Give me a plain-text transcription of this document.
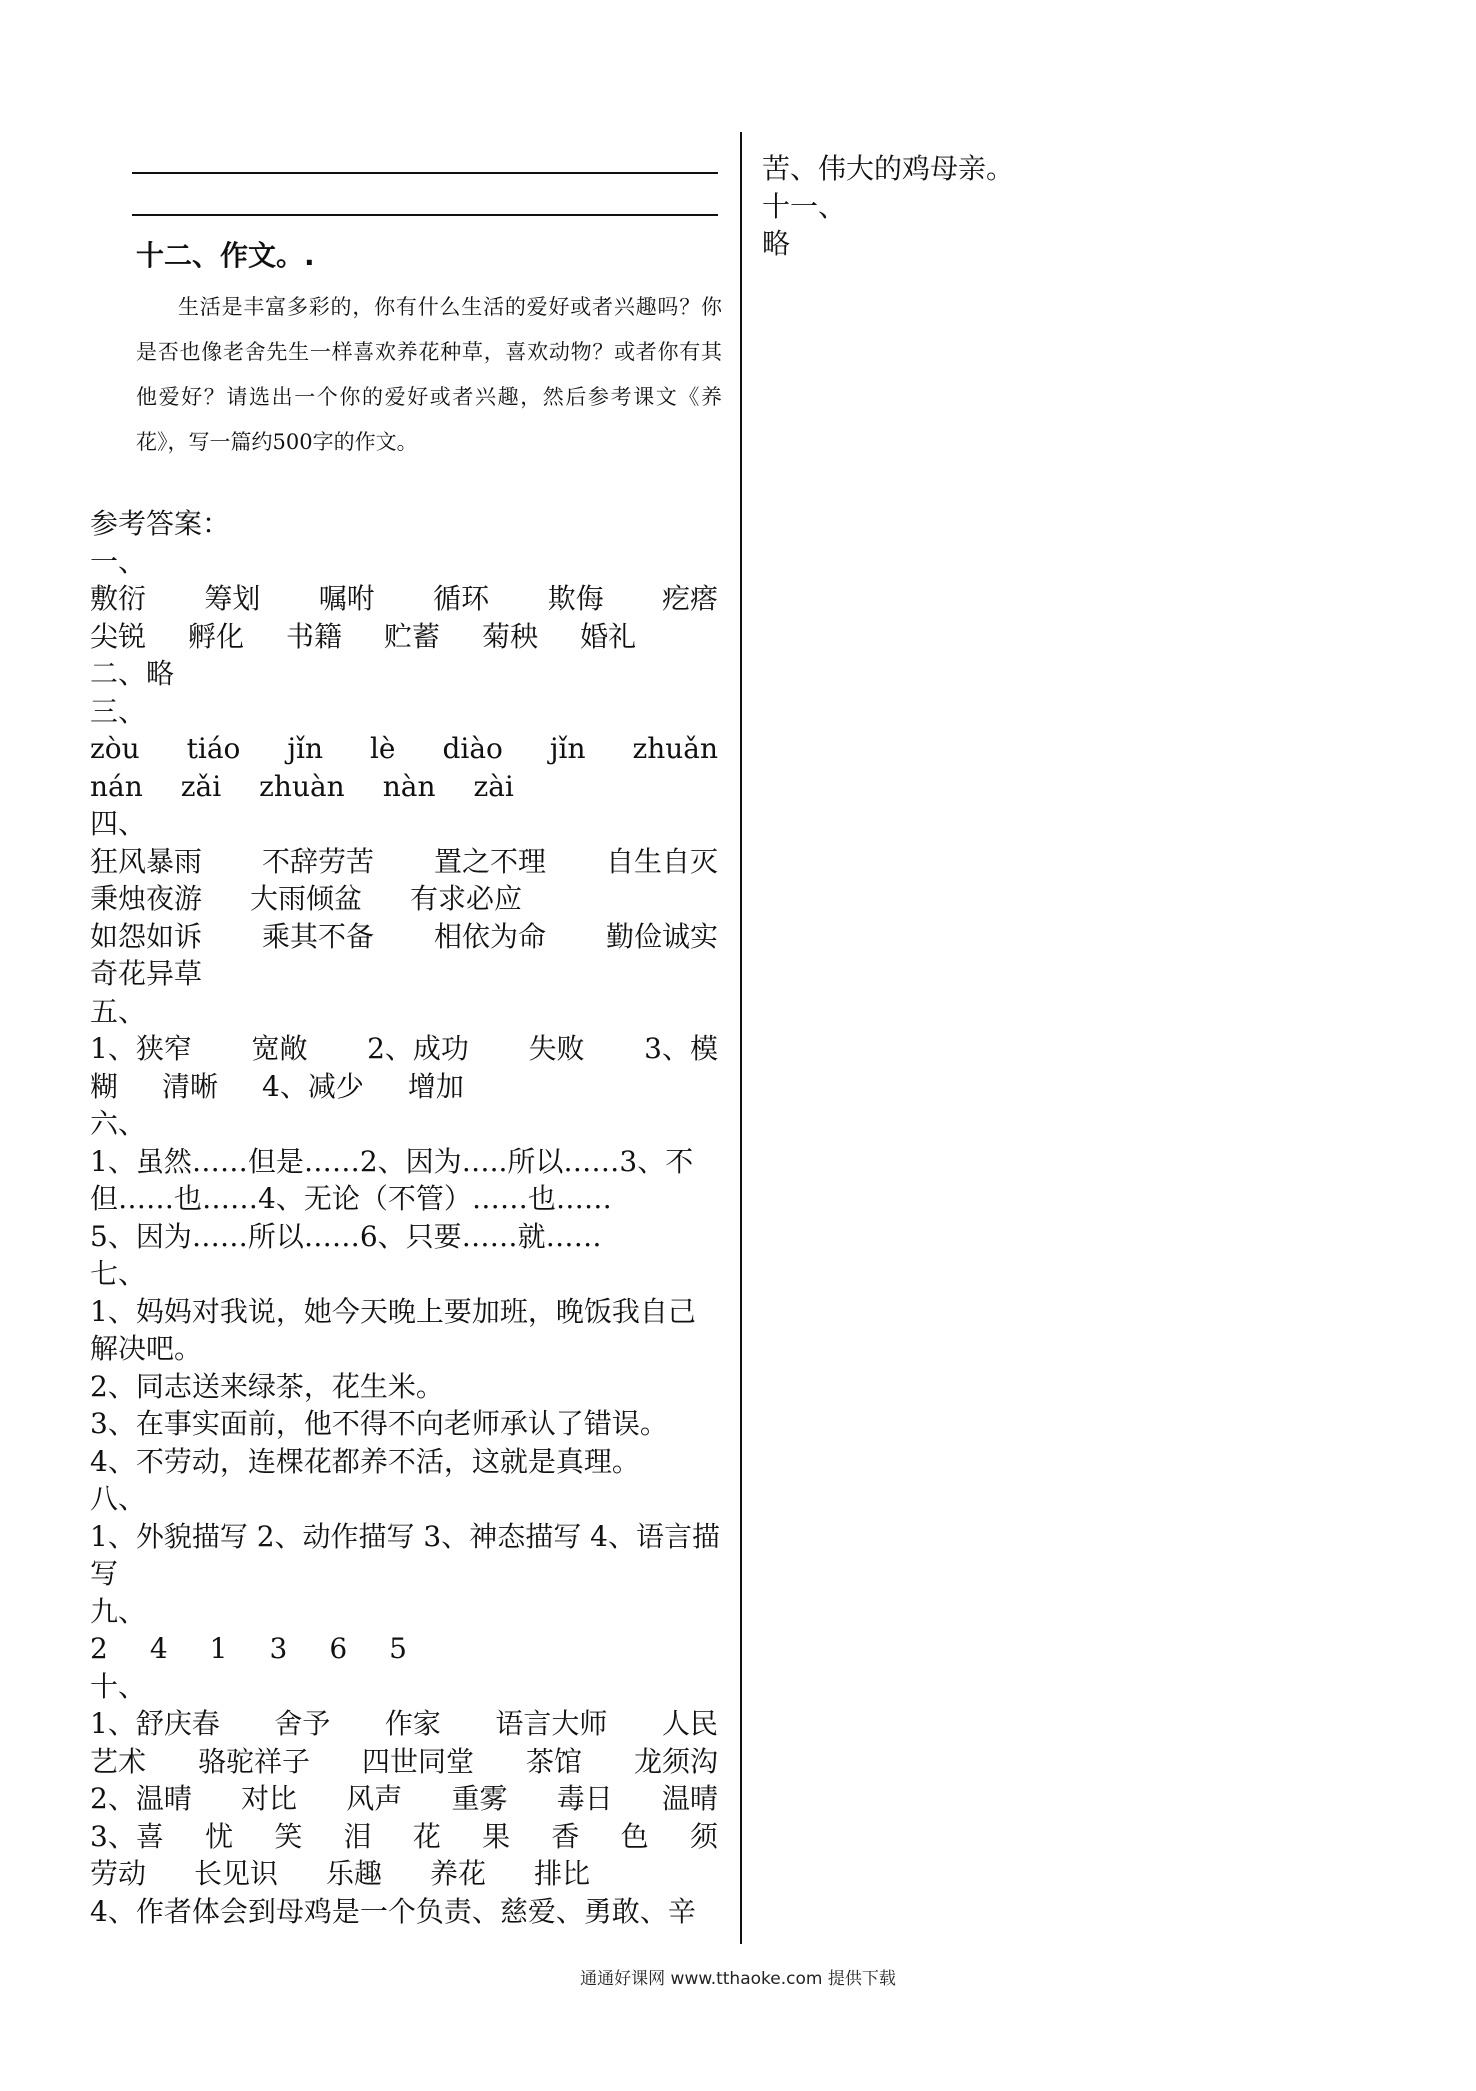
十二、作文。.

生活是丰富多彩的，你有什么生活的爱好或者兴趣吗？你是否也像老舍先生一样喜欢养花种草，喜欢动物？或者你有其他爱好？请选出一个你的爱好或者兴趣，然后参考课文《养花》，写一篇约500字的作文。

参考答案：
一、
敷衍 筹划 嘱咐 循环 欺侮 疙瘩
尖锐 孵化 书籍 贮蓄 菊秧 婚礼
二、略
三、
zòu tiáo jǐn lè diào jǐn zhuǎn
nán zǎi zhuàn nàn zài
四、
狂风暴雨 不辞劳苦 置之不理 自生自灭
秉烛夜游 大雨倾盆 有求必应
如怨如诉 乘其不备 相依为命 勤俭诚实
奇花异草
五、
1、狭窄 宽敞 2、成功 失败 3、模
糊 清晰 4、减少 增加
六、
1、虽然……但是……2、因为…..所以……3、不
但……也……4、无论（不管）……也……
5、因为……所以……6、只要……就……
七、
1、妈妈对我说，她今天晚上要加班，晚饭我自己
解决吧。
2、同志送来绿茶，花生米。
3、在事实面前，他不得不向老师承认了错误。
4、不劳动，连棵花都养不活，这就是真理。
八、
1、外貌描写 2、动作描写 3、神态描写 4、语言描
写
九、
2 4 1 3 6 5
十、
1、舒庆春 舍予 作家 语言大师 人民
艺术 骆驼祥子 四世同堂 茶馆 龙须沟
2、温晴 对比 风声 重雾 毒日 温晴
3、喜 忧 笑 泪 花 果 香 色 须
劳动 长见识 乐趣 养花 排比
4、作者体会到母鸡是一个负责、慈爱、勇敢、辛
苦、伟大的鸡母亲。
十一、
略
通通好课网 www.tthaoke.com 提供下载
